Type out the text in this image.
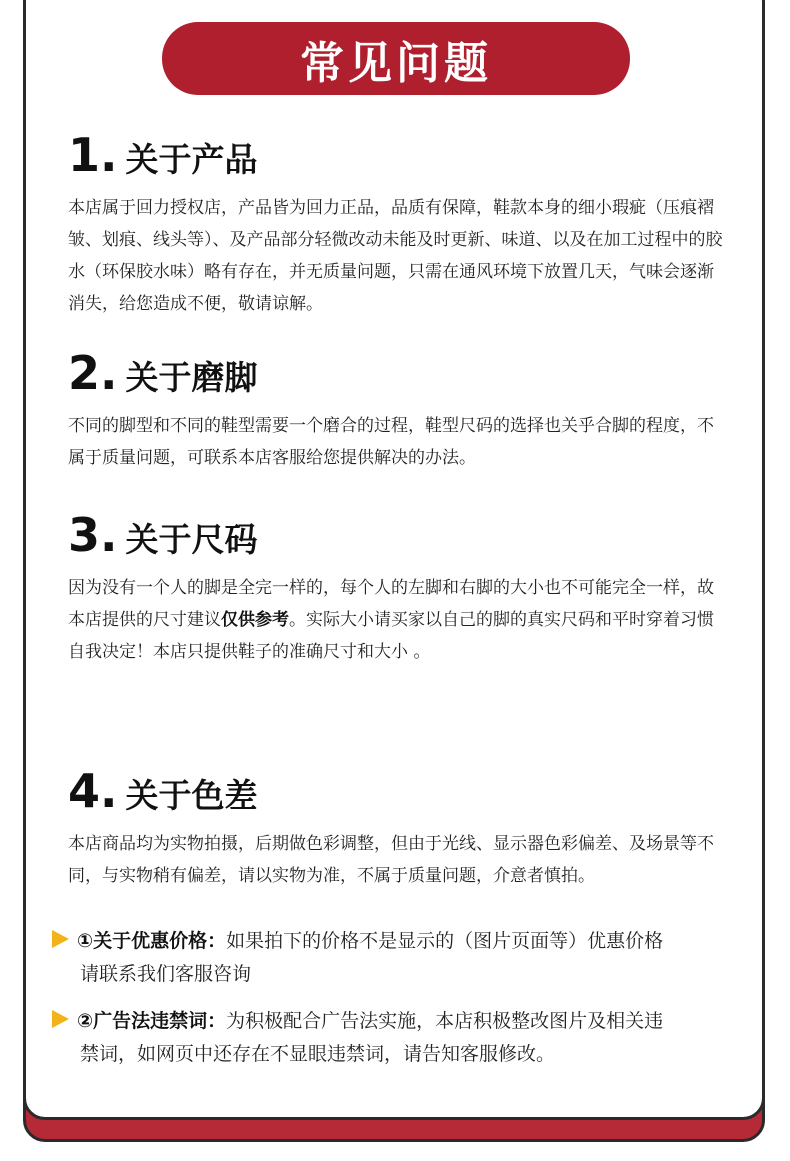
常见问题
1. 关于产品
本店属于回力授权店，产品皆为回力正品，品质有保障，鞋款本身的细小瑕疵（压痕褶皱、划痕、线头等）、及产品部分轻微改动未能及时更新、味道、以及在加工过程中的胶水（环保胶水味）略有存在，并无质量问题，只需在通风环境下放置几天，气味会逐渐消失，给您造成不便，敬请谅解。
2. 关于磨脚
不同的脚型和不同的鞋型需要一个磨合的过程，鞋型尺码的选择也关乎合脚的程度，不属于质量问题，可联系本店客服给您提供解决的办法。
3. 关于尺码
因为没有一个人的脚是全完一样的，每个人的左脚和右脚的大小也不可能完全一样，故本店提供的尺寸建议仅供参考。实际大小请买家以自己的脚的真实尺码和平时穿着习惯自我决定！本店只提供鞋子的准确尺寸和大小 。
4. 关于色差
本店商品均为实物拍摄，后期做色彩调整，但由于光线、显示器色彩偏差、及场景等不同，与实物稍有偏差，请以实物为准，不属于质量问题，介意者慎拍。
①关于优惠价格：如果拍下的价格不是显示的（图片页面等）优惠价格
请联系我们客服咨询
②广告法违禁词：为积极配合广告法实施，本店积极整改图片及相关违
禁词，如网页中还存在不显眼违禁词，请告知客服修改。
